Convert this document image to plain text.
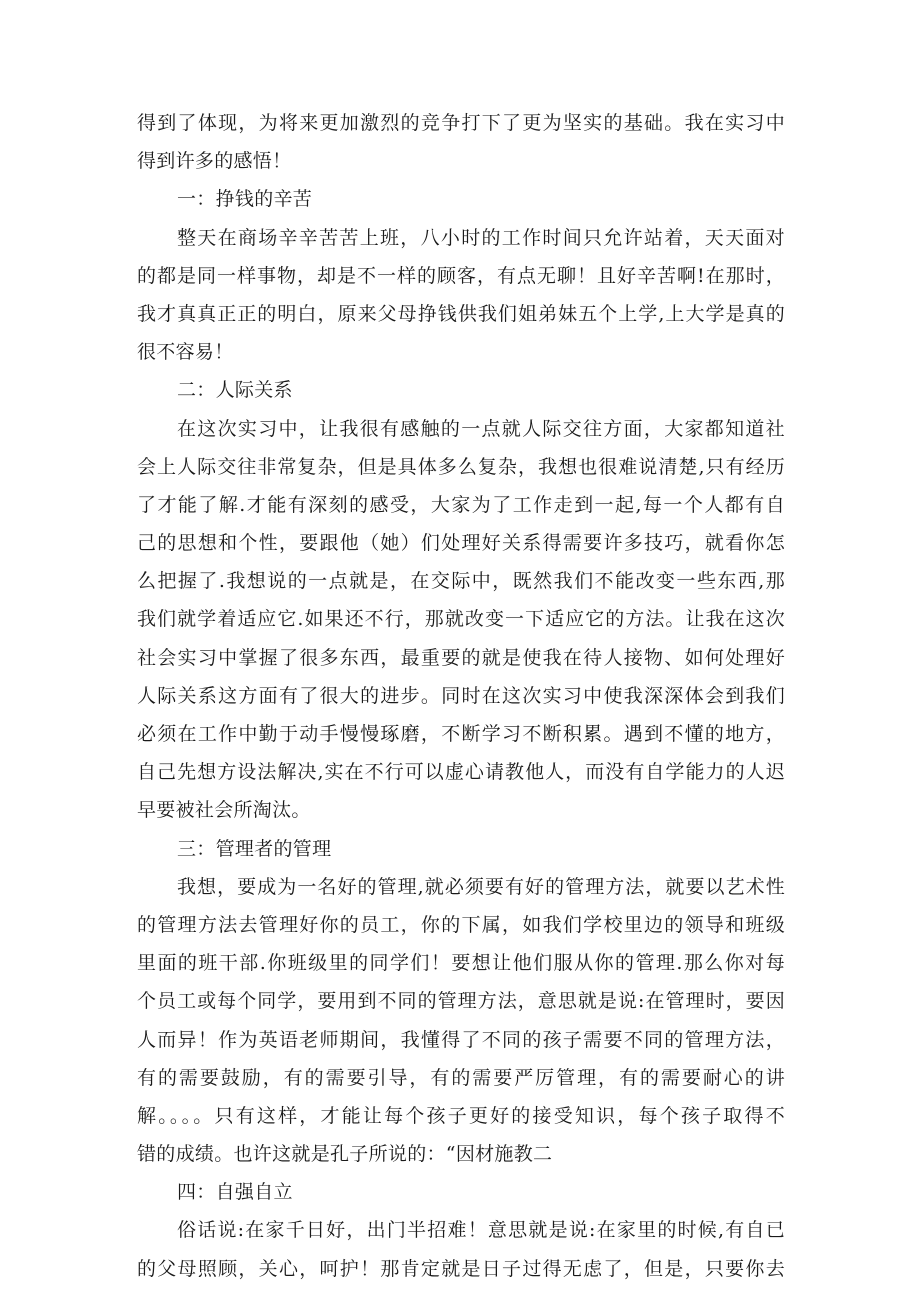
得到了体现，为将来更加激烈的竞争打下了更为坚实的基础。我在实习中
得到许多的感悟！
一：挣钱的辛苦
整天在商场辛辛苦苦上班，八小时的工作时间只允许站着，天天面对
的都是同一样事物，却是不一样的顾客，有点无聊！且好辛苦啊!在那时，
我才真真正正的明白，原来父母挣钱供我们姐弟妹五个上学,上大学是真的
很不容易！
二：人际关系
在这次实习中，让我很有感触的一点就人际交往方面，大家都知道社
会上人际交往非常复杂，但是具体多么复杂，我想也很难说清楚,只有经历
了才能了解.才能有深刻的感受，大家为了工作走到一起,每一个人都有自
己的思想和个性，要跟他（她）们处理好关系得需要许多技巧，就看你怎
么把握了.我想说的一点就是，在交际中，既然我们不能改变一些东西,那
我们就学着适应它.如果还不行，那就改变一下适应它的方法。让我在这次
社会实习中掌握了很多东西，最重要的就是使我在待人接物、如何处理好
人际关系这方面有了很大的进步。同时在这次实习中使我深深体会到我们
必须在工作中勤于动手慢慢琢磨，不断学习不断积累。遇到不懂的地方，
自己先想方设法解决,实在不行可以虚心请教他人，而没有自学能力的人迟
早要被社会所淘汰。
三：管理者的管理
我想，要成为一名好的管理,就必须要有好的管理方法，就要以艺术性
的管理方法去管理好你的员工，你的下属，如我们学校里边的领导和班级
里面的班干部.你班级里的同学们！要想让他们服从你的管理.那么你对每
个员工或每个同学，要用到不同的管理方法，意思就是说:在管理时，要因
人而异！作为英语老师期间，我懂得了不同的孩子需要不同的管理方法，
有的需要鼓励，有的需要引导，有的需要严厉管理，有的需要耐心的讲
解。。。。只有这样，才能让每个孩子更好的接受知识，每个孩子取得不
错的成绩。也许这就是孔子所说的：“因材施教二
四：自强自立
俗话说:在家千日好，出门半招难！意思就是说:在家里的时候,有自已
的父母照顾，关心，呵护！那肯定就是日子过得无虑了，但是，只要你去
